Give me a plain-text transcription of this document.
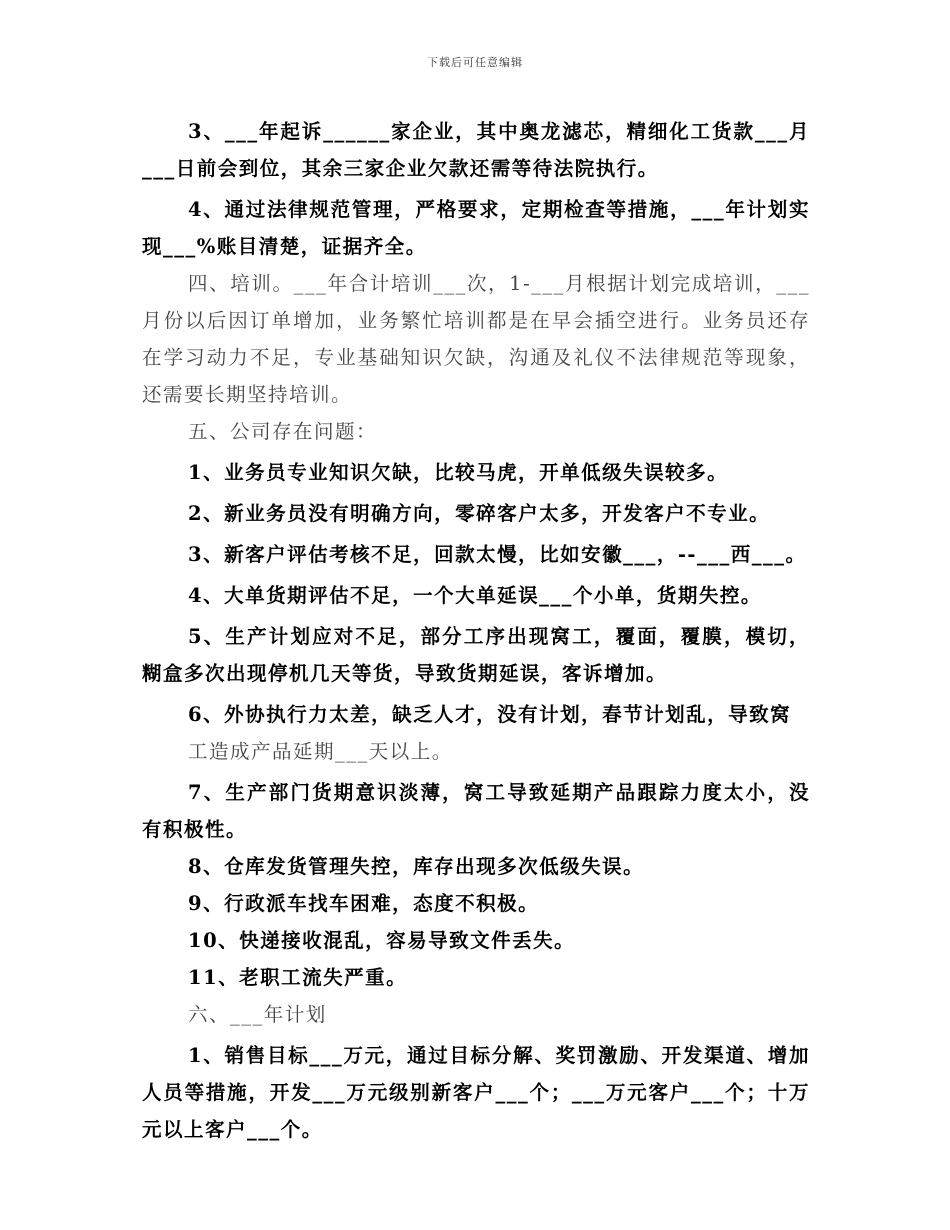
下载后可任意编辑

3、___年起诉______家企业，其中奥龙滤芯，精细化工货款___月___日前会到位，其余三家企业欠款还需等待法院执行。

4、通过法律规范管理，严格要求，定期检查等措施，___年计划实现___%账目清楚，证据齐全。

四、培训。___年合计培训___次，1-___月根据计划完成培训，___月份以后因订单增加，业务繁忙培训都是在早会插空进行。业务员还存在学习动力不足，专业基础知识欠缺，沟通及礼仪不法律规范等现象，还需要长期坚持培训。

五、公司存在问题：

1、业务员专业知识欠缺，比较马虎，开单低级失误较多。

2、新业务员没有明确方向，零碎客户太多，开发客户不专业。

3、新客户评估考核不足，回款太慢，比如安徽___，--___西___。

4、大单货期评估不足，一个大单延误___个小单，货期失控。

5、生产计划应对不足，部分工序出现窝工，覆面，覆膜，模切，糊盒多次出现停机几天等货，导致货期延误，客诉增加。

6、外协执行力太差，缺乏人才，没有计划，春节计划乱，导致窝

工造成产品延期___天以上。

7、生产部门货期意识淡薄，窝工导致延期产品跟踪力度太小，没有积极性。

8、仓库发货管理失控，库存出现多次低级失误。

9、行政派车找车困难，态度不积极。

10、快递接收混乱，容易导致文件丢失。

11、老职工流失严重。

六、___年计划

1、销售目标___万元，通过目标分解、奖罚激励、开发渠道、增加人员等措施，开发___万元级别新客户___个；___万元客户___个；十万元以上客户___个。
